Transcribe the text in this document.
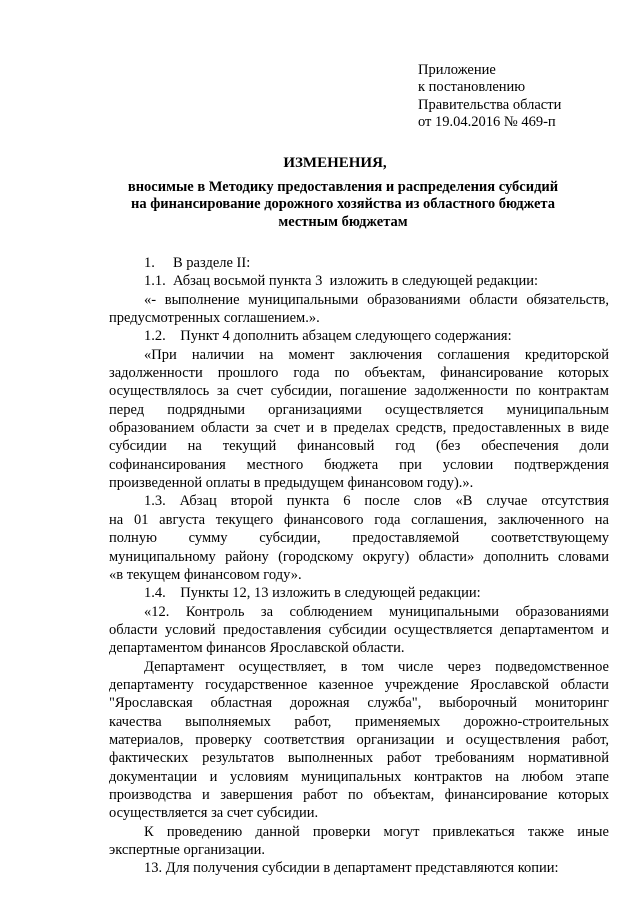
Приложение
к постановлению
Правительства области
от 19.04.2016 № 469-п
ИЗМЕНЕНИЯ,
вносимые в Методику предоставления и распределения субсидий
на финансирование дорожного хозяйства из областного бюджета
местным бюджетам
1.     В разделе II:
1.1.  Абзац восьмой пункта 3  изложить в следующей редакции:
«- выполнение муниципальными образованиями области обязательств,
предусмотренных соглашением.».
1.2.    Пункт 4 дополнить абзацем следующего содержания:
«При наличии на момент заключения соглашения кредиторской
задолженности прошлого года по объектам, финансирование которых
осуществлялось за счет субсидии, погашение задолженности по контрактам
перед подрядными организациями осуществляется муниципальным
образованием области за счет и в пределах средств, предоставленных в виде
субсидии на текущий финансовый год (без обеспечения доли
софинансирования местного бюджета при условии подтверждения
произведенной оплаты в предыдущем финансовом году).».
1.3. Абзац второй пункта 6 после слов «В случае отсутствия
на 01 августа текущего финансового года соглашения, заключенного на
полную сумму субсидии, предоставляемой соответствующему
муниципальному району (городскому округу) области» дополнить словами
«в текущем финансовом году».
1.4.    Пункты 12, 13 изложить в следующей редакции:
«12. Контроль за соблюдением муниципальными образованиями
области условий предоставления субсидии осуществляется департаментом и
департаментом финансов Ярославской области.
Департамент осуществляет, в том числе через подведомственное
департаменту государственное казенное учреждение Ярославской области
"Ярославская областная дорожная служба", выборочный мониторинг
качества выполняемых работ, применяемых дорожно-строительных
материалов, проверку соответствия организации и осуществления работ,
фактических результатов выполненных работ требованиям нормативной
документации и условиям муниципальных контрактов на любом этапе
производства и завершения работ по объектам, финансирование которых
осуществляется за счет субсидии.
К проведению данной проверки могут привлекаться также иные
экспертные организации.
13. Для получения субсидии в департамент представляются копии:
